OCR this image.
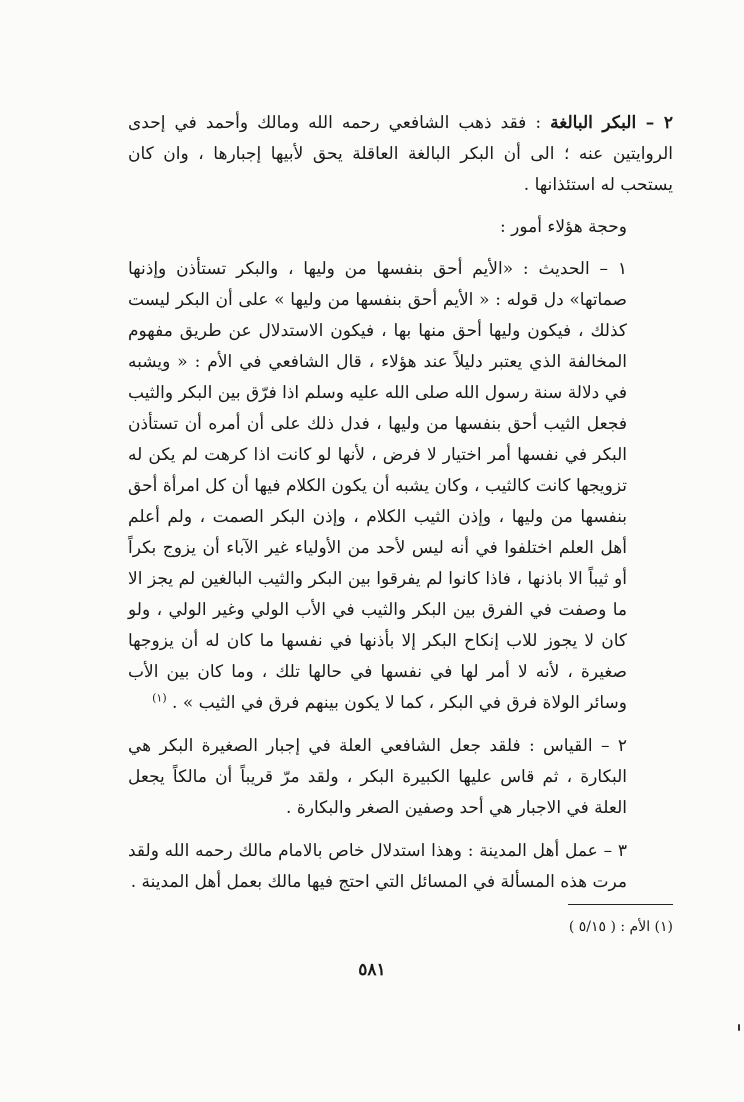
٢ – البكر البالغة : فقد ذهب الشافعي رحمه الله ومالك وأحمد في إحدى الروايتين عنه ؛ الى أن البكر البالغة العاقلة يحق لأبيها إجبارها ، وان كان يستحب له استئذانها .

وحجة هؤلاء أمور :

١ – الحديث : «الأيم أحق بنفسها من وليها ، والبكر تستأذن وإذنها صماتها» دل قوله : « الأيم أحق بنفسها من وليها » على أن البكر ليست كذلك ، فيكون وليها أحق منها بها ، فيكون الاستدلال عن طريق مفهوم المخالفة الذي يعتبر دليلاً عند هؤلاء ، قال الشافعي في الأم : « ويشبه في دلالة سنة رسول الله صلى الله عليه وسلم اذا فرّق بين البكر والثيب فجعل الثيب أحق بنفسها من وليها ، فدل ذلك على أن أمره أن تستأذن البكر في نفسها أمر اختيار لا فرض ، لأنها لو كانت اذا كرهت لم يكن له تزويجها كانت كالثيب ، وكان يشبه أن يكون الكلام فيها أن كل امرأة أحق بنفسها من وليها ، وإذن الثيب الكلام ، وإذن البكر الصمت ، ولم أعلم أهل العلم اختلفوا في أنه ليس لأحد من الأولياء غير الآباء أن يزوج بكراً أو ثيباً الا باذنها ، فاذا كانوا لم يفرقوا بين البكر والثيب البالغين لم يجز الا ما وصفت في الفرق بين البكر والثيب في الأب الولي وغير الولي ، ولو كان لا يجوز للاب إنكاح البكر إلا بأذنها في نفسها ما كان له أن يزوجها صغيرة ، لأنه لا أمر لها في نفسها في حالها تلك ، وما كان بين الأب وسائر الولاة فرق في البكر ، كما لا يكون بينهم فرق في الثيب » . $^{(١)}$

٢ – القياس : فلقد جعل الشافعي العلة في إجبار الصغيرة البكر هي البكارة ، ثم قاس عليها الكبيرة البكر ، ولقد مرّ قريباً أن مالكاً يجعل العلة في الاجبار هي أحد وصفين الصغر والبكارة .

٣ – عمل أهل المدينة : وهذا استدلال خاص بالامام مالك رحمه الله ولقد مرت هذه المسألة في المسائل التي احتج فيها مالك بعمل أهل المدينة .

(١) الأم : ( ٥/١٥ )
٥٨١
